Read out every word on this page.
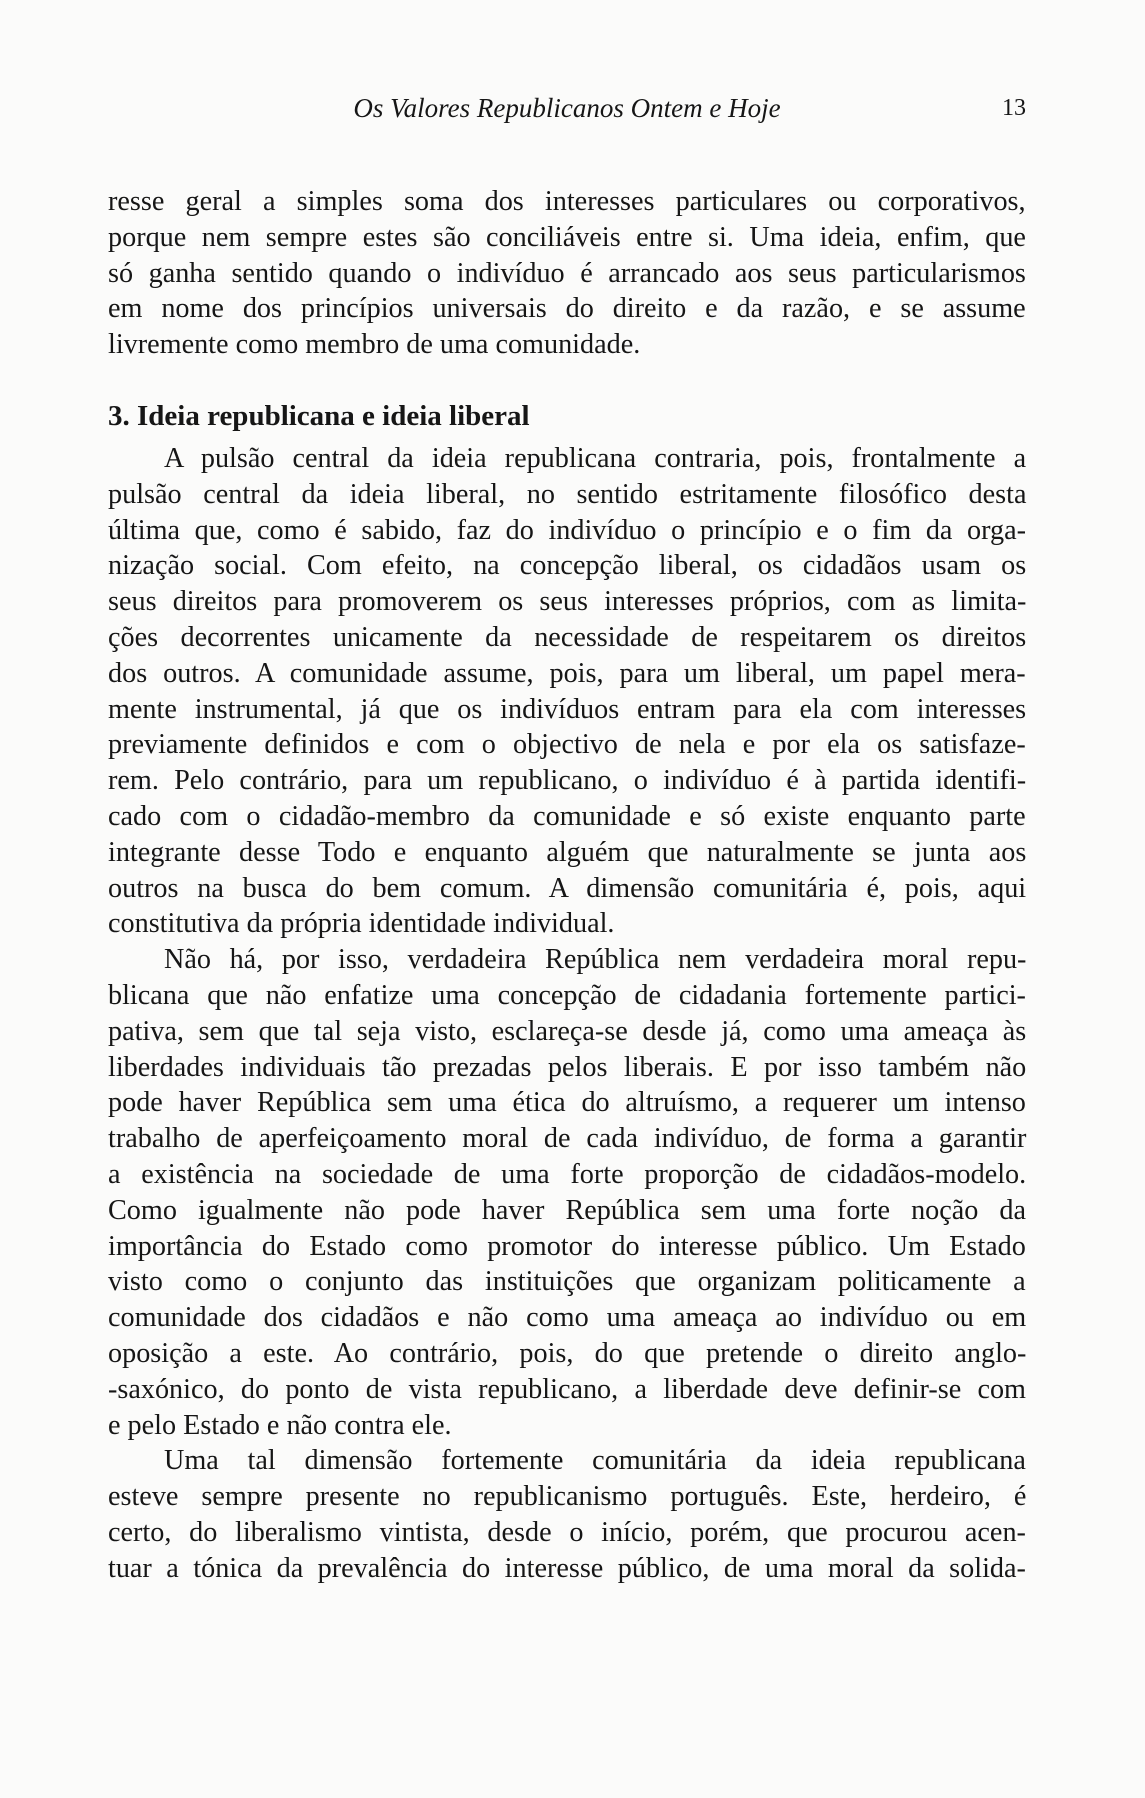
Os Valores Republicanos Ontem e Hoje	13

resse geral a simples soma dos interesses particulares ou corporativos,
porque nem sempre estes são conciliáveis entre si. Uma ideia, enfim, que
só ganha sentido quando o indivíduo é arrancado aos seus particularismos
em nome dos princípios universais do direito e da razão, e se assume
livremente como membro de uma comunidade.

3. Ideia republicana e ideia liberal

A pulsão central da ideia republicana contraria, pois, frontalmente a
pulsão central da ideia liberal, no sentido estritamente filosófico desta
última que, como é sabido, faz do indivíduo o princípio e o fim da orga-
nização social. Com efeito, na concepção liberal, os cidadãos usam os
seus direitos para promoverem os seus interesses próprios, com as limita-
ções decorrentes unicamente da necessidade de respeitarem os direitos
dos outros. A comunidade assume, pois, para um liberal, um papel mera-
mente instrumental, já que os indivíduos entram para ela com interesses
previamente definidos e com o objectivo de nela e por ela os satisfaze-
rem. Pelo contrário, para um republicano, o indivíduo é à partida identifi-
cado com o cidadão-membro da comunidade e só existe enquanto parte
integrante desse Todo e enquanto alguém que naturalmente se junta aos
outros na busca do bem comum. A dimensão comunitária é, pois, aqui
constitutiva da própria identidade individual.

Não há, por isso, verdadeira República nem verdadeira moral repu-
blicana que não enfatize uma concepção de cidadania fortemente partici-
pativa, sem que tal seja visto, esclareça-se desde já, como uma ameaça às
liberdades individuais tão prezadas pelos liberais. E por isso também não
pode haver República sem uma ética do altruísmo, a requerer um intenso
trabalho de aperfeiçoamento moral de cada indivíduo, de forma a garantir
a existência na sociedade de uma forte proporção de cidadãos-modelo.
Como igualmente não pode haver República sem uma forte noção da
importância do Estado como promotor do interesse público. Um Estado
visto como o conjunto das instituições que organizam politicamente a
comunidade dos cidadãos e não como uma ameaça ao indivíduo ou em
oposição a este. Ao contrário, pois, do que pretende o direito anglo-
-saxónico, do ponto de vista republicano, a liberdade deve definir-se com
e pelo Estado e não contra ele.

Uma tal dimensão fortemente comunitária da ideia republicana
esteve sempre presente no republicanismo português. Este, herdeiro, é
certo, do liberalismo vintista, desde o início, porém, que procurou acen-
tuar a tónica da prevalência do interesse público, de uma moral da solida-
